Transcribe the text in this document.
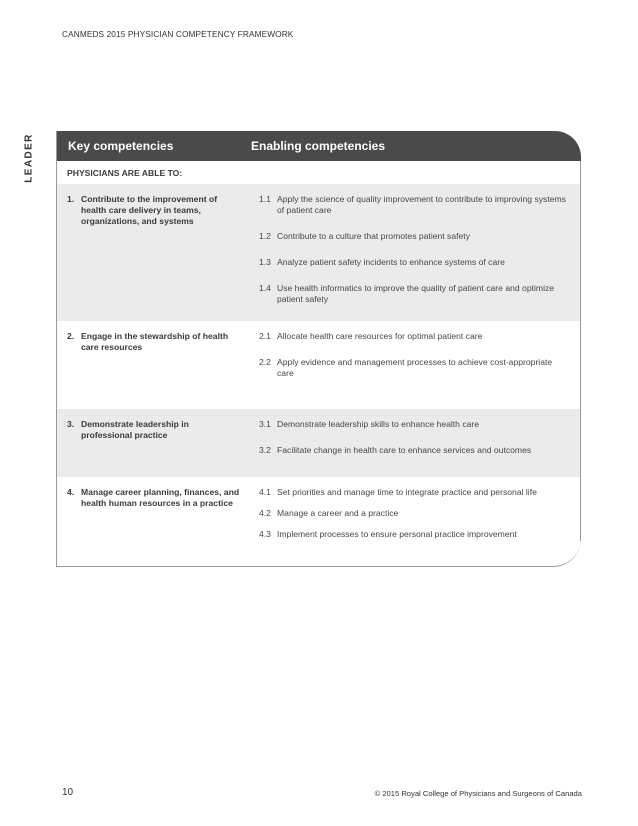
CANMEDS 2015 PHYSICIAN COMPETENCY FRAMEWORK
LEADER	Key competencies	Enabling competencies
PHYSICIANS ARE ABLE TO:
1. Contribute to the improvement of health care delivery in teams, organizations, and systems
1.1 Apply the science of quality improvement to contribute to improving systems of patient care
1.2 Contribute to a culture that promotes patient safety
1.3 Analyze patient safety incidents to enhance systems of care
1.4 Use health informatics to improve the quality of patient care and optimize patient safety
2. Engage in the stewardship of health care resources
2.1 Allocate health care resources for optimal patient care
2.2 Apply evidence and management processes to achieve cost-appropriate care
3. Demonstrate leadership in professional practice
3.1 Demonstrate leadership skills to enhance health care
3.2 Facilitate change in health care to enhance services and outcomes
4. Manage career planning, finances, and health human resources in a practice
4.1 Set priorities and manage time to integrate practice and personal life
4.2 Manage a career and a practice
4.3 Implement processes to ensure personal practice improvement
10	© 2015 Royal College of Physicians and Surgeons of Canada
